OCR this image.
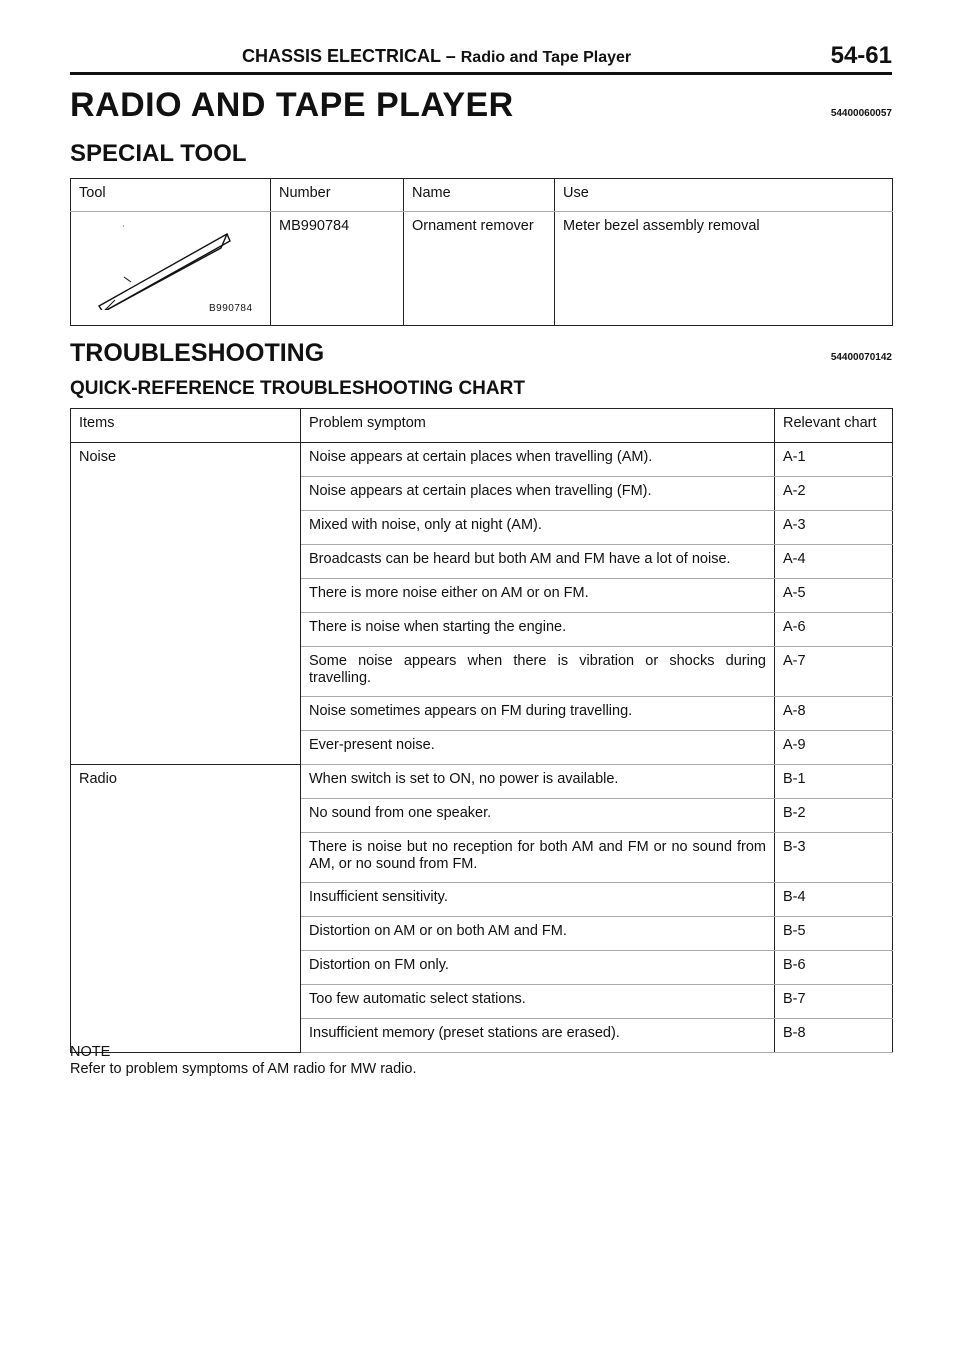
CHASSIS ELECTRICAL – Radio and Tape Player	54-61
RADIO AND TAPE PLAYER	54400060057
SPECIAL TOOL
Tool	Number	Name	Use

B990784	MB990784	Ornament remover	Meter bezel assembly removal
TROUBLESHOOTING	54400070142
QUICK-REFERENCE TROUBLESHOOTING CHART
Items	Problem symptom	Relevant chart
Noise	Noise appears at certain places when travelling (AM).	A-1
	Noise appears at certain places when travelling (FM).	A-2
	Mixed with noise, only at night (AM).	A-3
	Broadcasts can be heard but both AM and FM have a lot of noise.	A-4
	There is more noise either on AM or on FM.	A-5
	There is noise when starting the engine.	A-6
	Some noise appears when there is vibration or shocks during travelling.	A-7
	Noise sometimes appears on FM during travelling.	A-8
	Ever-present noise.	A-9
Radio	When switch is set to ON, no power is available.	B-1
	No sound from one speaker.	B-2
	There is noise but no reception for both AM and FM or no sound from AM, or no sound from FM.	B-3
	Insufficient sensitivity.	B-4
	Distortion on AM or on both AM and FM.	B-5
	Distortion on FM only.	B-6
	Too few automatic select stations.	B-7
	Insufficient memory (preset stations are erased).	B-8
NOTE
Refer to problem symptoms of AM radio for MW radio.
